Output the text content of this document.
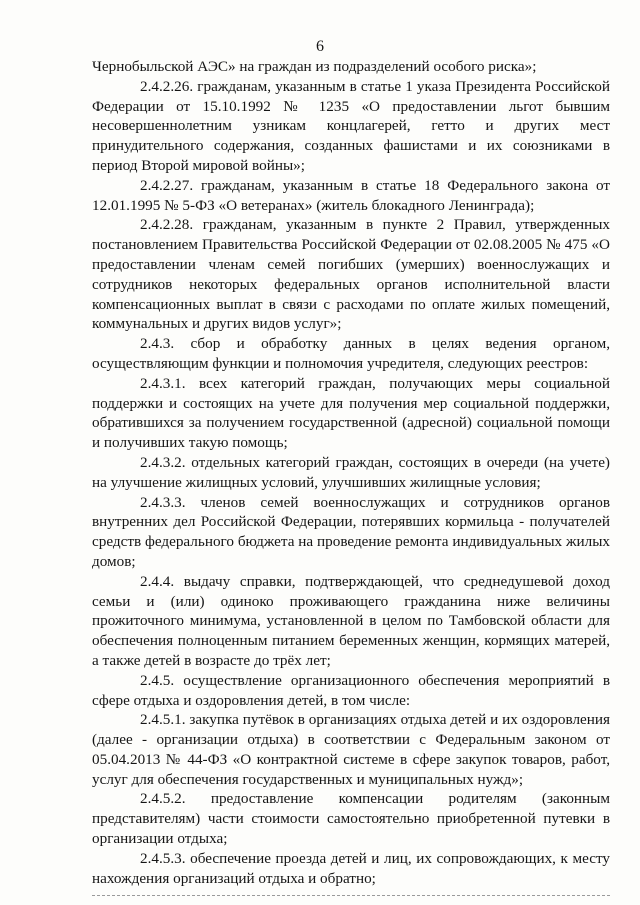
6

Чернобыльской АЭС» на граждан из подразделений особого риска»;

2.4.2.26. гражданам, указанным в статье 1 указа Президента Российской Федерации от 15.10.1992 № 1235 «О предоставлении льгот бывшим несовершеннолетним узникам концлагерей, гетто и других мест принудительного содержания, созданных фашистами и их союзниками в период Второй мировой войны»;

2.4.2.27. гражданам, указанным в статье 18 Федерального закона от 12.01.1995 № 5-ФЗ «О ветеранах» (житель блокадного Ленинграда);

2.4.2.28. гражданам, указанным в пункте 2 Правил, утвержденных постановлением Правительства Российской Федерации от 02.08.2005 № 475 «О предоставлении членам семей погибших (умерших) военнослужащих и сотрудников некоторых федеральных органов исполнительной власти компенсационных выплат в связи с расходами по оплате жилых помещений, коммунальных и других видов услуг»;

2.4.3. сбор и обработку данных в целях ведения органом, осуществляющим функции и полномочия учредителя, следующих реестров:

2.4.3.1. всех категорий граждан, получающих меры социальной поддержки и состоящих на учете для получения мер социальной поддержки, обратившихся за получением государственной (адресной) социальной помощи и получивших такую помощь;

2.4.3.2. отдельных категорий граждан, состоящих в очереди (на учете) на улучшение жилищных условий, улучшивших жилищные условия;

2.4.3.3. членов семей военнослужащих и сотрудников органов внутренних дел Российской Федерации, потерявших кормильца - получателей средств федерального бюджета на проведение ремонта индивидуальных жилых домов;

2.4.4. выдачу справки, подтверждающей, что среднедушевой доход семьи и (или) одиноко проживающего гражданина ниже величины прожиточного минимума, установленной в целом по Тамбовской области для обеспечения полноценным питанием беременных женщин, кормящих матерей, а также детей в возрасте до трёх лет;

2.4.5. осуществление организационного обеспечения мероприятий в сфере отдыха и оздоровления детей, в том числе:

2.4.5.1. закупка путёвок в организациях отдыха детей и их оздоровления (далее - организации отдыха) в соответствии с Федеральным законом от 05.04.2013 № 44-ФЗ «О контрактной системе в сфере закупок товаров, работ, услуг для обеспечения государственных и муниципальных нужд»;

2.4.5.2. предоставление компенсации родителям (законным представителям) части стоимости самостоятельно приобретенной путевки в организации отдыха;

2.4.5.3. обеспечение проезда детей и лиц, их сопровождающих, к месту нахождения организаций отдыха и обратно;
